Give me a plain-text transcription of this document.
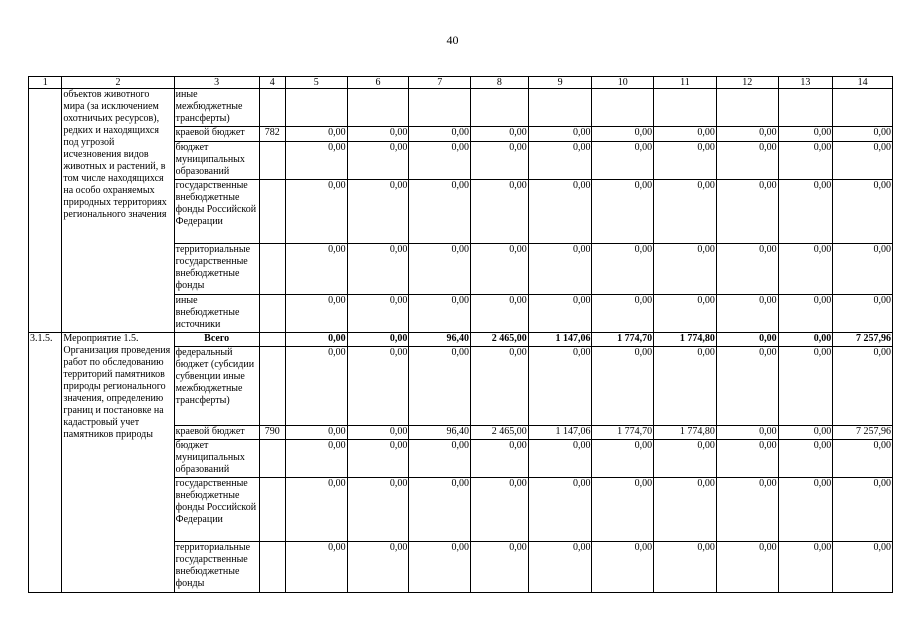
40
1	2	3	4	5	6	7	8	9	10	11	12	13	14
	объектов животного мира (за исключением охотничьих ресурсов), редких и находящихся под угрозой исчезновения видов животных и растений, в том числе находящихся на особо охраняемых природных территориях регионального значения	иные межбюджетные трансферты)											
		краевой бюджет	782	0,00	0,00	0,00	0,00	0,00	0,00	0,00	0,00	0,00	0,00
		бюджет муниципальных образований		0,00	0,00	0,00	0,00	0,00	0,00	0,00	0,00	0,00	0,00
		государственные внебюджетные фонды Российской Федерации		0,00	0,00	0,00	0,00	0,00	0,00	0,00	0,00	0,00	0,00
		территориальные государственные внебюджетные фонды		0,00	0,00	0,00	0,00	0,00	0,00	0,00	0,00	0,00	0,00
		иные внебюджетные источники		0,00	0,00	0,00	0,00	0,00	0,00	0,00	0,00	0,00	0,00
3.1.5.	Мероприятие 1.5. Организация проведения работ по обследованию территорий памятников природы регионального значения, определению границ и постановке на кадастровый учет памятников природы	Всего		0,00	0,00	96,40	2 465,00	1 147,06	1 774,70	1 774,80	0,00	0,00	7 257,96
		федеральный бюджет (субсидии субвенции иные межбюджетные трансферты)		0,00	0,00	0,00	0,00	0,00	0,00	0,00	0,00	0,00	0,00
		краевой бюджет	790	0,00	0,00	96,40	2 465,00	1 147,06	1 774,70	1 774,80	0,00	0,00	7 257,96
		бюджет муниципальных образований		0,00	0,00	0,00	0,00	0,00	0,00	0,00	0,00	0,00	0,00
		государственные внебюджетные фонды Российской Федерации		0,00	0,00	0,00	0,00	0,00	0,00	0,00	0,00	0,00	0,00
		территориальные государственные внебюджетные фонды		0,00	0,00	0,00	0,00	0,00	0,00	0,00	0,00	0,00	0,00
